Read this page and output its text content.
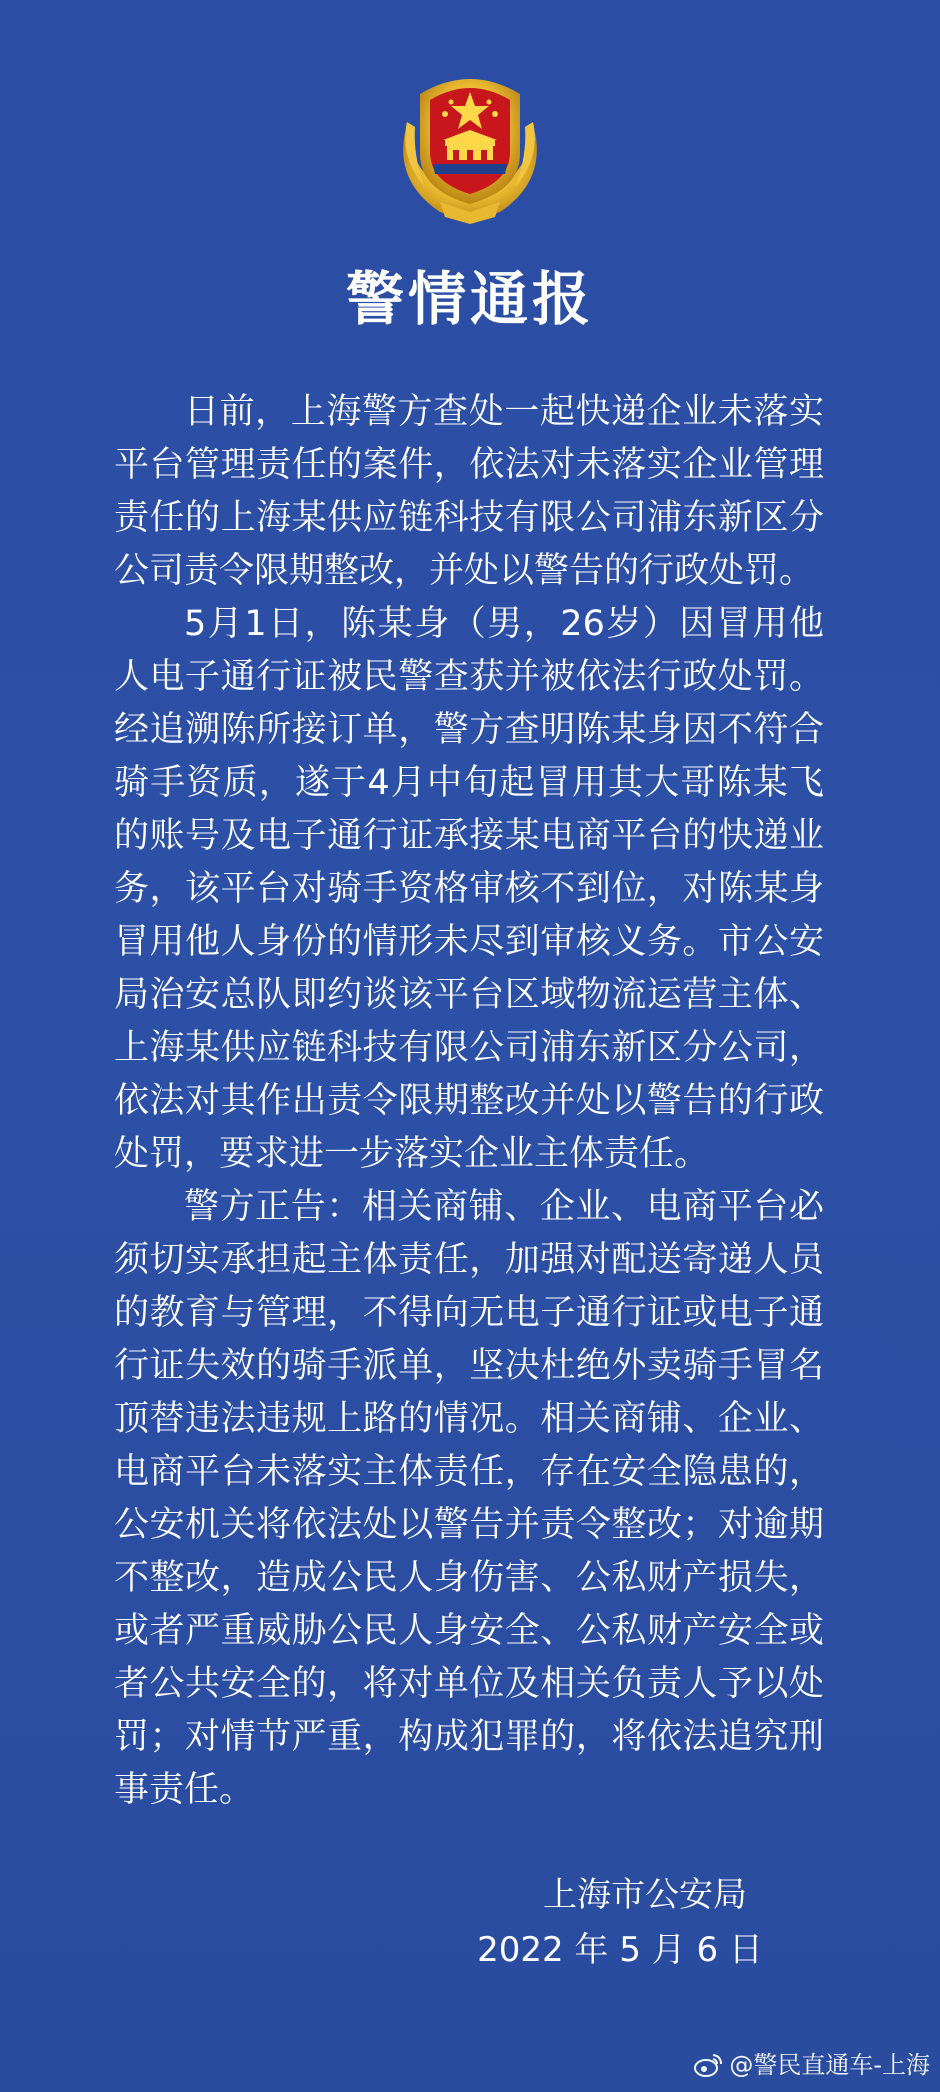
警情通报

日前，上海警方查处一起快递企业未落实平台管理责任的案件，依法对未落实企业管理责任的上海某供应链科技有限公司浦东新区分公司责令限期整改，并处以警告的行政处罚。

5月1日，陈某身（男，26岁）因冒用他人电子通行证被民警查获并被依法行政处罚。经追溯陈所接订单，警方查明陈某身因不符合骑手资质，遂于4月中旬起冒用其大哥陈某飞的账号及电子通行证承接某电商平台的快递业务，该平台对骑手资格审核不到位，对陈某身冒用他人身份的情形未尽到审核义务。市公安局治安总队即约谈该平台区域物流运营主体、上海某供应链科技有限公司浦东新区分公司，依法对其作出责令限期整改并处以警告的行政处罚，要求进一步落实企业主体责任。

警方正告：相关商铺、企业、电商平台必须切实承担起主体责任，加强对配送寄递人员的教育与管理，不得向无电子通行证或电子通行证失效的骑手派单，坚决杜绝外卖骑手冒名顶替违法违规上路的情况。相关商铺、企业、电商平台未落实主体责任，存在安全隐患的，公安机关将依法处以警告并责令整改；对逾期不整改，造成公民人身伤害、公私财产损失，或者严重威胁公民人身安全、公私财产安全或者公共安全的，将对单位及相关负责人予以处罚；对情节严重，构成犯罪的，将依法追究刑事责任。

上海市公安局
2022 年 5 月 6 日
@警民直通车-上海
